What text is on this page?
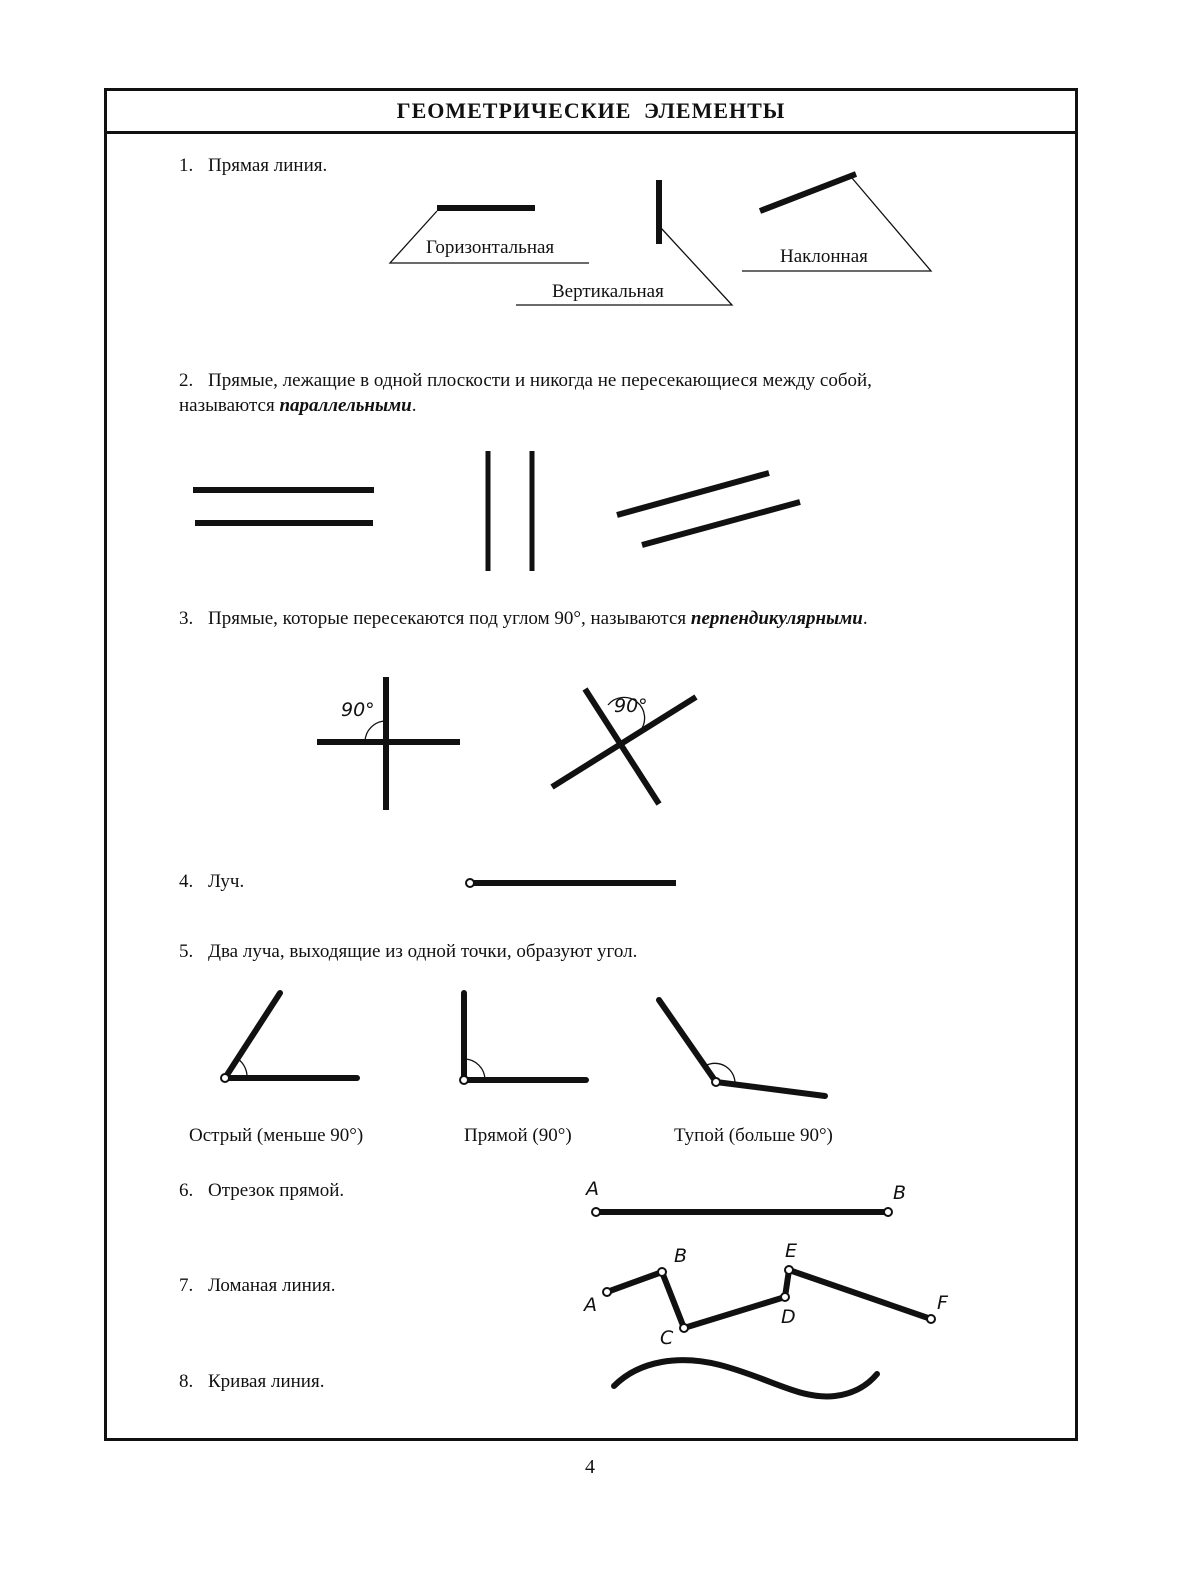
ГЕОМЕТРИЧЕСКИЕ ЭЛЕМЕНТЫ
1. Прямая линия.
Горизонтальная
Вертикальная
Наклонная
2. Прямые, лежащие в одной плоскости и никогда не пересекающиеся между собой,
называются параллельными.
3. Прямые, которые пересекаются под углом 90°, называются перпендикулярными.
90°	90°
4. Луч.
5. Два луча, выходящие из одной точки, образуют угол.
Острый (меньше 90°)	Прямой (90°)	Тупой (больше 90°)
6. Отрезок прямой.	A	B
7. Ломаная линия.
A
B
C
D
E
F
8. Кривая линия.
4
